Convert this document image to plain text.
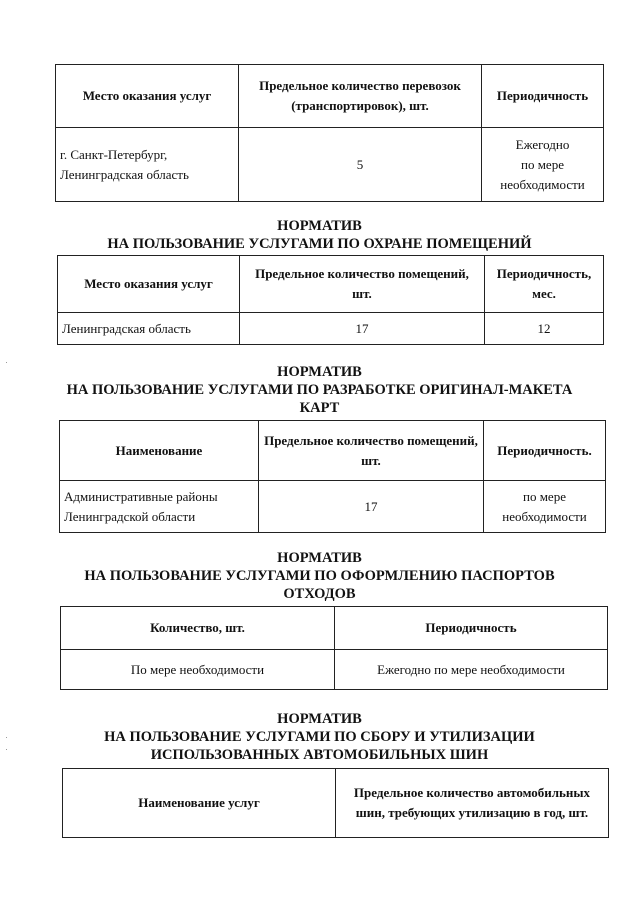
Место оказания услуг	Предельное количество перевозок (транспортировок), шт.	Периодичность

г. Санкт-Петербург,
Ленинградская область	5	Ежегодно
по мере
необходимости
НОРМАТИВ
НА ПОЛЬЗОВАНИЕ УСЛУГАМИ ПО ОХРАНЕ ПОМЕЩЕНИЙ
Место оказания услуг	Предельное количество помещений, шт.	Периодичность, мес.
Ленинградская область	17	12
НОРМАТИВ
НА ПОЛЬЗОВАНИЕ УСЛУГАМИ ПО РАЗРАБОТКЕ ОРИГИНАЛ-МАКЕТА
КАРТ
Наименование	Предельное количество помещений, шт.	Периодичность.

Административные районы
Ленинградской области	17	по мере
необходимости
НОРМАТИВ
НА ПОЛЬЗОВАНИЕ УСЛУГАМИ ПО ОФОРМЛЕНИЮ ПАСПОРТОВ
ОТХОДОВ
Количество, шт.	Периодичность
По мере необходимости	Ежегодно по мере необходимости
НОРМАТИВ
НА ПОЛЬЗОВАНИЕ УСЛУГАМИ ПО СБОРУ И УТИЛИЗАЦИИ
ИСПОЛЬЗОВАННЫХ АВТОМОБИЛЬНЫХ ШИН
Наименование услуг	Предельное количество автомобильных шин, требующих утилизацию в год, шт.
